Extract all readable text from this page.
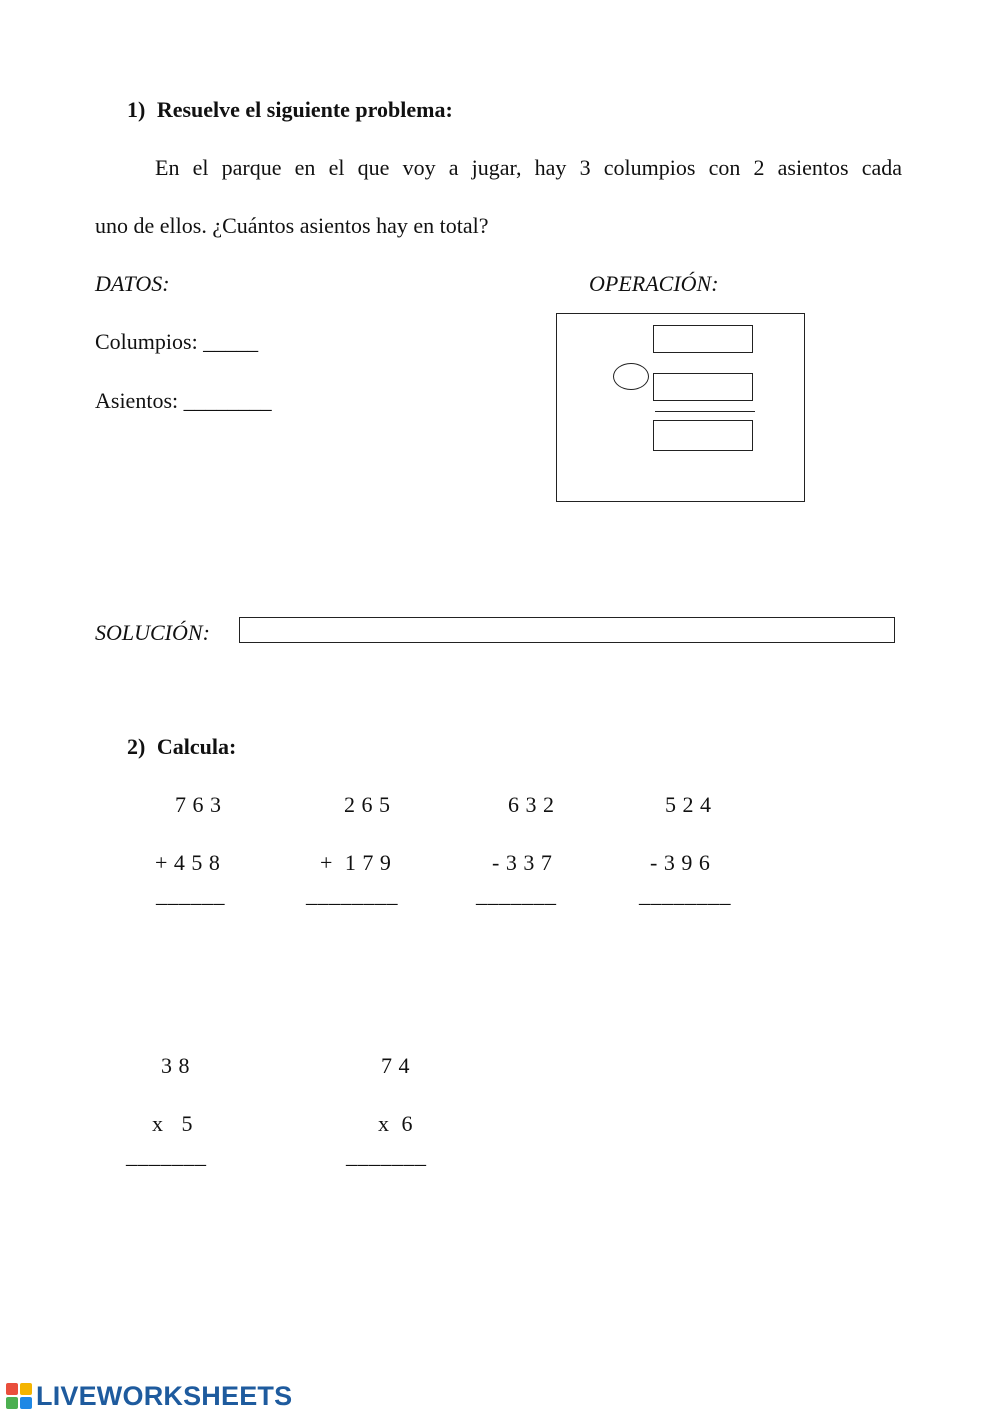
1) Resuelve el siguiente problema:
En el parque en el que voy a jugar, hay 3 columpios con 2 asientos cada
uno de ellos. ¿Cuántos asientos hay en total?
DATOS:	OPERACIÓN:
Columpios: _____
Asientos: ________
SOLUCIÓN:
2) Calcula:
7 6 3
+ 4 5 8
______
2 6 5
+  1 7 9
________
6 3 2
- 3 3 7
_______
5 2 4
- 3 9 6
________
3 8
x   5
_______
7 4
x  6
_______
LIVEWORKSHEETS
